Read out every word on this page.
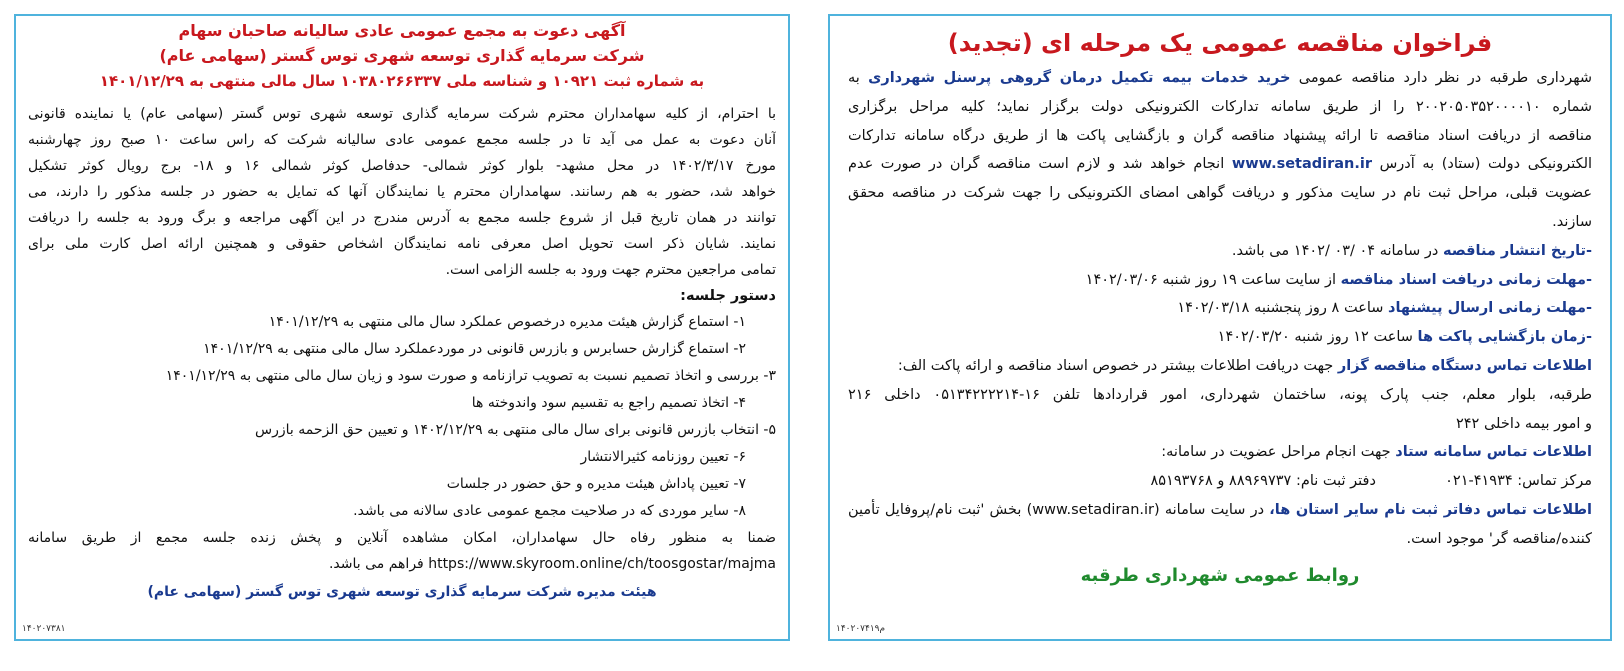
فراخوان مناقصه عمومی یک مرحله ای (تجدید)
شهرداری طرقبه در نظر دارد مناقصه عمومی خرید خدمات بیمه تکمیل درمان گروهی پرسنل شهرداری به
شماره ۲۰۰۲۰۵۰۳۵۲۰۰۰۰۱۰ را از طریق سامانه تدارکات الکترونیکی دولت برگزار نماید؛ کلیه مراحل برگزاری
مناقصه از دریافت اسناد مناقصه تا ارائه پیشنهاد مناقصه گران و بازگشایی پاکت ها از طریق درگاه سامانه تدارکات
الکترونیکی دولت (ستاد) به آدرس www.setadiran.ir انجام خواهد شد و لازم است مناقصه گران در صورت عدم
عضویت قبلی، مراحل ثبت نام در سایت مذکور و دریافت گواهی امضای الکترونیکی را جهت شرکت در مناقصه محقق
سازند.
-تاریخ انتشار مناقصه در سامانه ۰۴ /۰۳ /۱۴۰۲ می باشد.
-مهلت زمانی دریافت اسناد مناقصه از سایت ساعت ۱۹ روز شنبه ۱۴۰۲/۰۳/۰۶
-مهلت زمانی ارسال پیشنهاد ساعت ۸ روز پنجشنبه ۱۴۰۲/۰۳/۱۸
-زمان بازگشایی پاکت ها ساعت ۱۲ روز شنبه ۱۴۰۲/۰۳/۲۰
اطلاعات تماس دستگاه مناقصه گزار جهت دریافت اطلاعات بیشتر در خصوص اسناد مناقصه و ارائه پاکت الف:
طرقبه، بلوار معلم، جنب پارک پونه، ساختمان شهرداری، امور قراردادها تلفن ۱۶-۰۵۱۳۴۲۲۲۲۱۴ داخلی ۲۱۶
و امور بیمه داخلی ۲۴۲
اطلاعات تماس سامانه ستاد جهت انجام مراحل عضویت در سامانه:
مرکز تماس: ۴۱۹۳۴-۰۲۱  دفتر ثبت نام: ۸۸۹۶۹۷۳۷ و ۸۵۱۹۳۷۶۸
اطلاعات تماس دفاتر ثبت نام سایر استان ها، در سایت سامانه (www.setadiran.ir) بخش 'ثبت نام/پروفایل تأمین
کننده/مناقصه گر' موجود است.
روابط عمومی شهرداری طرقبه
۱۴۰۲۰۷۴۱۹م
آگهی دعوت به مجمع عمومی عادی سالیانه صاحبان سهام
شرکت سرمایه گذاری توسعه شهری توس گستر (سهامی عام)
به شماره ثبت ۱۰۹۲۱ و شناسه ملی ۱۰۳۸۰۲۶۶۳۳۷ سال مالی منتهی به ۱۴۰۱/۱۲/۲۹
با احترام، از کلیه سهامداران محترم شرکت سرمایه گذاری توسعه شهری توس گستر (سهامی عام) یا نماینده قانونی
آنان دعوت به عمل می آید تا در جلسه مجمع عمومی عادی سالیانه شرکت که راس ساعت ۱۰ صبح روز چهارشنبه
مورخ ۱۴۰۲/۳/۱۷ در محل مشهد- بلوار کوثر شمالی- حدفاصل کوثر شمالی ۱۶ و ۱۸- برج رویال کوثر تشکیل
خواهد شد، حضور به هم رسانند. سهامداران محترم یا نمایندگان آنها که تمایل به حضور در جلسه مذکور را دارند، می
توانند در همان تاریخ قبل از شروع جلسه مجمع به آدرس مندرج در این آگهی مراجعه و برگ ورود به جلسه را دریافت
نمایند. شایان ذکر است تحویل اصل معرفی نامه نمایندگان اشخاص حقوقی و همچنین ارائه اصل کارت ملی برای
تمامی مراجعین محترم جهت ورود به جلسه الزامی است.
دستور جلسه:
۱- استماع گزارش هیئت مدیره درخصوص عملکرد سال مالی منتهی به ۱۴۰۱/۱۲/۲۹
۲- استماع گزارش حسابرس و بازرس قانونی در موردعملکرد سال مالی منتهی به ۱۴۰۱/۱۲/۲۹
۳- بررسی و اتخاذ تصمیم نسبت به تصویب ترازنامه و صورت سود و زیان سال مالی منتهی به ۱۴۰۱/۱۲/۲۹
۴- اتخاذ تصمیم راجع به تقسیم سود واندوخته ها
۵- انتخاب بازرس قانونی برای سال مالی منتهی به ۱۴۰۲/۱۲/۲۹ و تعیین حق الزحمه بازرس
۶- تعیین روزنامه کثیرالانتشار
۷- تعیین پاداش هیئت مدیره و حق حضور در جلسات
۸- سایر موردی که در صلاحیت مجمع عمومی عادی سالانه می باشد.
ضمنا به منظور رفاه حال سهامداران، امکان مشاهده آنلاین و پخش زنده جلسه مجمع از طریق سامانه
https://www.skyroom.online/ch/toosgostar/majma فراهم می باشد.
هیئت مدیره شرکت سرمایه گذاری توسعه شهری توس گستر (سهامی عام)
۱۴۰۲۰۷۳۸۱
